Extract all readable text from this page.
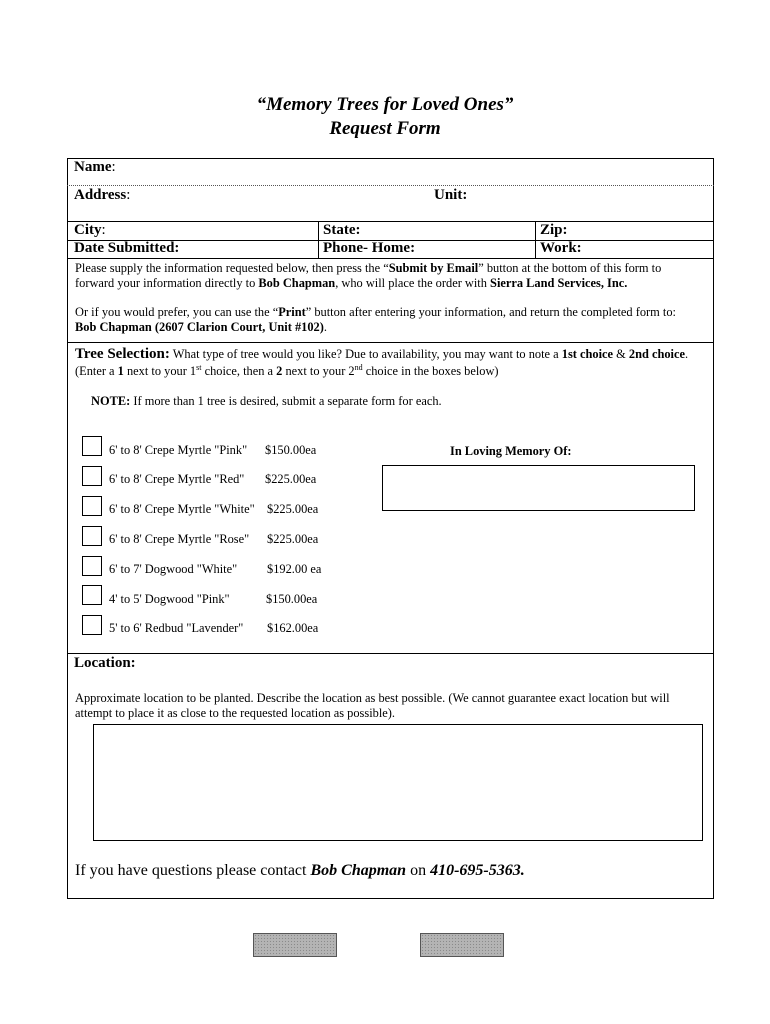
“Memory Trees for Loved Ones”
Request Form
Name:
Address:	Unit:
City:	State:	Zip:
Date Submitted:	Phone- Home:	Work:
Please supply the information requested below, then press the “Submit by Email” button at the bottom of this form to
forward your information directly to Bob Chapman, who will place the order with Sierra Land Services, Inc.
Or if you would prefer, you can use the “Print” button after entering your information, and return the completed form to:
Bob Chapman (2607 Clarion Court, Unit #102).
Tree Selection: What type of tree would you like? Due to availability, you may want to note a 1st choice & 2nd choice.
(Enter a 1 next to your 1st choice, then a 2 next to your 2nd choice in the boxes below)
NOTE: If more than 1 tree is desired, submit a separate form for each.
6' to 8' Crepe Myrtle "Pink" $150.00ea
6' to 8' Crepe Myrtle "Red" $225.00ea
6' to 8' Crepe Myrtle "White" $225.00ea
6' to 8' Crepe Myrtle "Rose" $225.00ea
6' to 7' Dogwood "White" $192.00 ea
4' to 5' Dogwood "Pink"	$150.00ea
5' to 6' Redbud "Lavender" $162.00ea
In Loving Memory Of:
Location:
Approximate location to be planted. Describe the location as best possible. (We cannot guarantee exact location but will
attempt to place it as close to the requested location as possible).
If you have questions please contact Bob Chapman on 410-695-5363.
